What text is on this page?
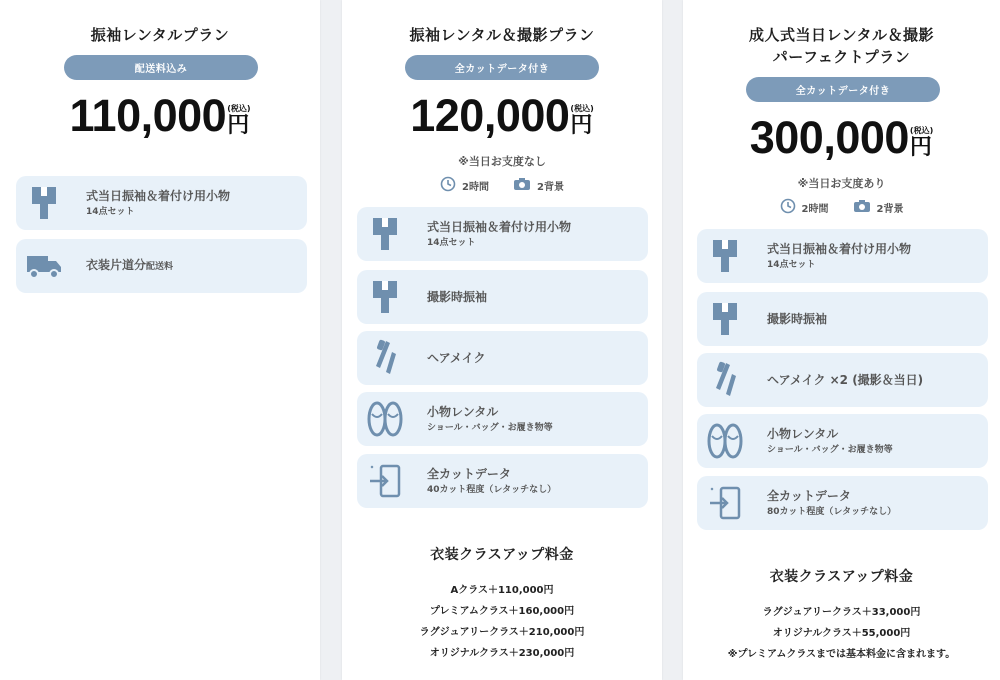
振袖レンタルプラン
配送料込み
110,000 (税込)
円
式当日振袖＆着付け用小物
14点セット
衣装片道分配送料
振袖レンタル＆撮影プラン
全カットデータ付き
120,000 (税込)
円
※当日お支度なし
2時間	2背景
式当日振袖＆着付け用小物
14点セット
撮影時振袖
ヘアメイク
小物レンタル
ショール・バッグ・お履き物等
全カットデータ
40カット程度（レタッチなし）
衣装クラスアップ料金
Aクラス＋110,000円
プレミアムクラス＋160,000円
ラグジュアリークラス＋210,000円
オリジナルクラス＋230,000円
成人式当日レンタル＆撮影
パーフェクトプラン
全カットデータ付き
300,000 (税込)
円
※当日お支度あり
2時間	2背景
式当日振袖＆着付け用小物
14点セット
撮影時振袖
ヘアメイク ×2 (撮影＆当日)
小物レンタル
ショール・バッグ・お履き物等
全カットデータ
80カット程度（レタッチなし）
衣装クラスアップ料金
ラグジュアリークラス＋33,000円
オリジナルクラス＋55,000円
※プレミアムクラスまでは基本料金に含まれます。
